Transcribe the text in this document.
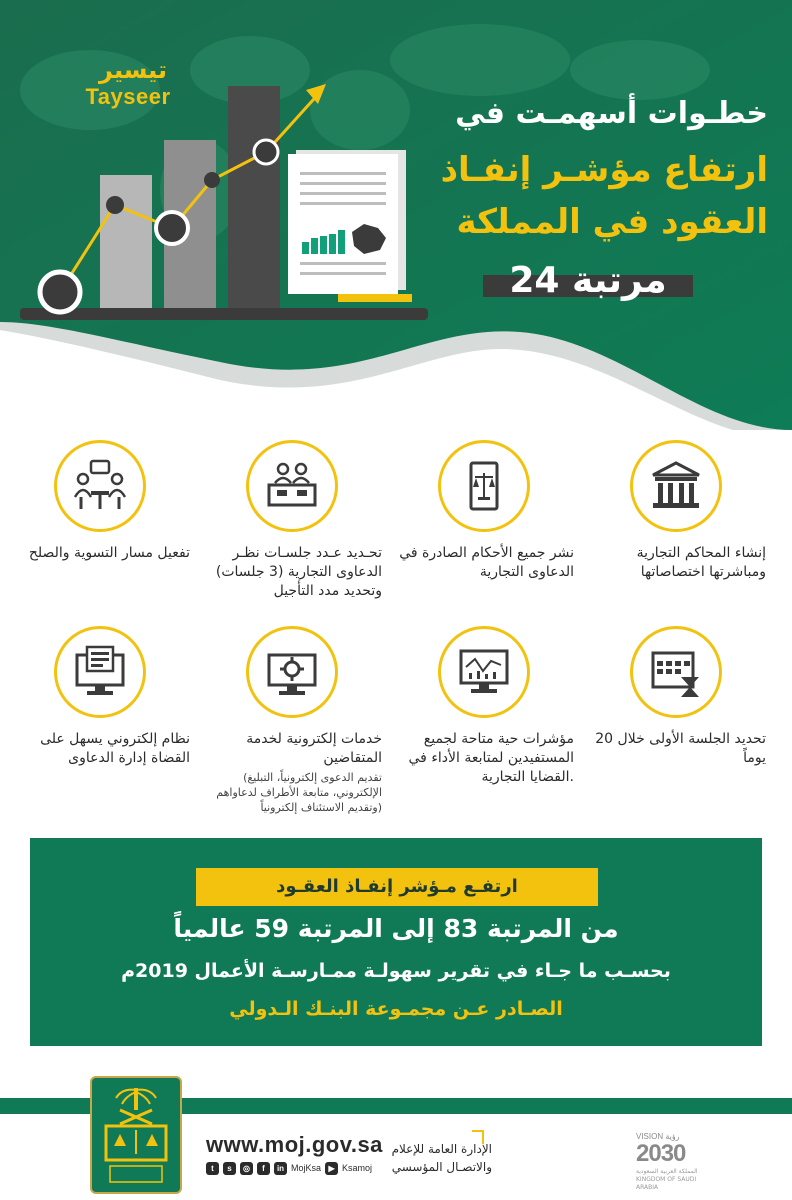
تيسير
Tayseer	خطـوات أسهمـت في
ارتفاع مؤشـر إنفـاذ
العقود في المملكة
24 مرتبة
إنشاء المحاكم التجارية ومباشرتها اختصاصاتها
نشر جميع الأحكام الصادرة في الدعاوى التجارية
تحـديد عـدد جلسـات نظـر الدعاوى التجارية (3 جلسات) وتحديد مدد التأجيل
تفعيل مسار التسوية والصلح
تحديد الجلسة الأولى خلال 20 يوماً
مؤشرات حية متاحة لجميع المستفيدين لمتابعة الأداء في القضايا التجارية.
خدمات إلكترونية لخدمة المتقاضين
(تقديم الدعوى إلكترونياً، التبليغ الإلكتروني، متابعة الأطراف لدعاواهم وتقديم الاستئناف إلكترونياً)
نظام إلكتروني يسهل على القضاة إدارة الدعاوى
ارتفـع مـؤشر إنفـاذ العقـود
من المرتبة 83 إلى المرتبة 59 عالمياً
بحسـب ما جـاء في تقرير سهولـة ممـارسـة الأعمال 2019م
الصـادر عـن مجمـوعة البنـك الـدولي
www.moj.gov.sa
t	s	◎	f	in MojKsa ▶ Ksamoj
الإدارة العامة للإعلام والاتصـال المؤسسي
VISION رؤية
2030
المملكة العربية السعودية KINGDOM OF SAUDI ARABIA
